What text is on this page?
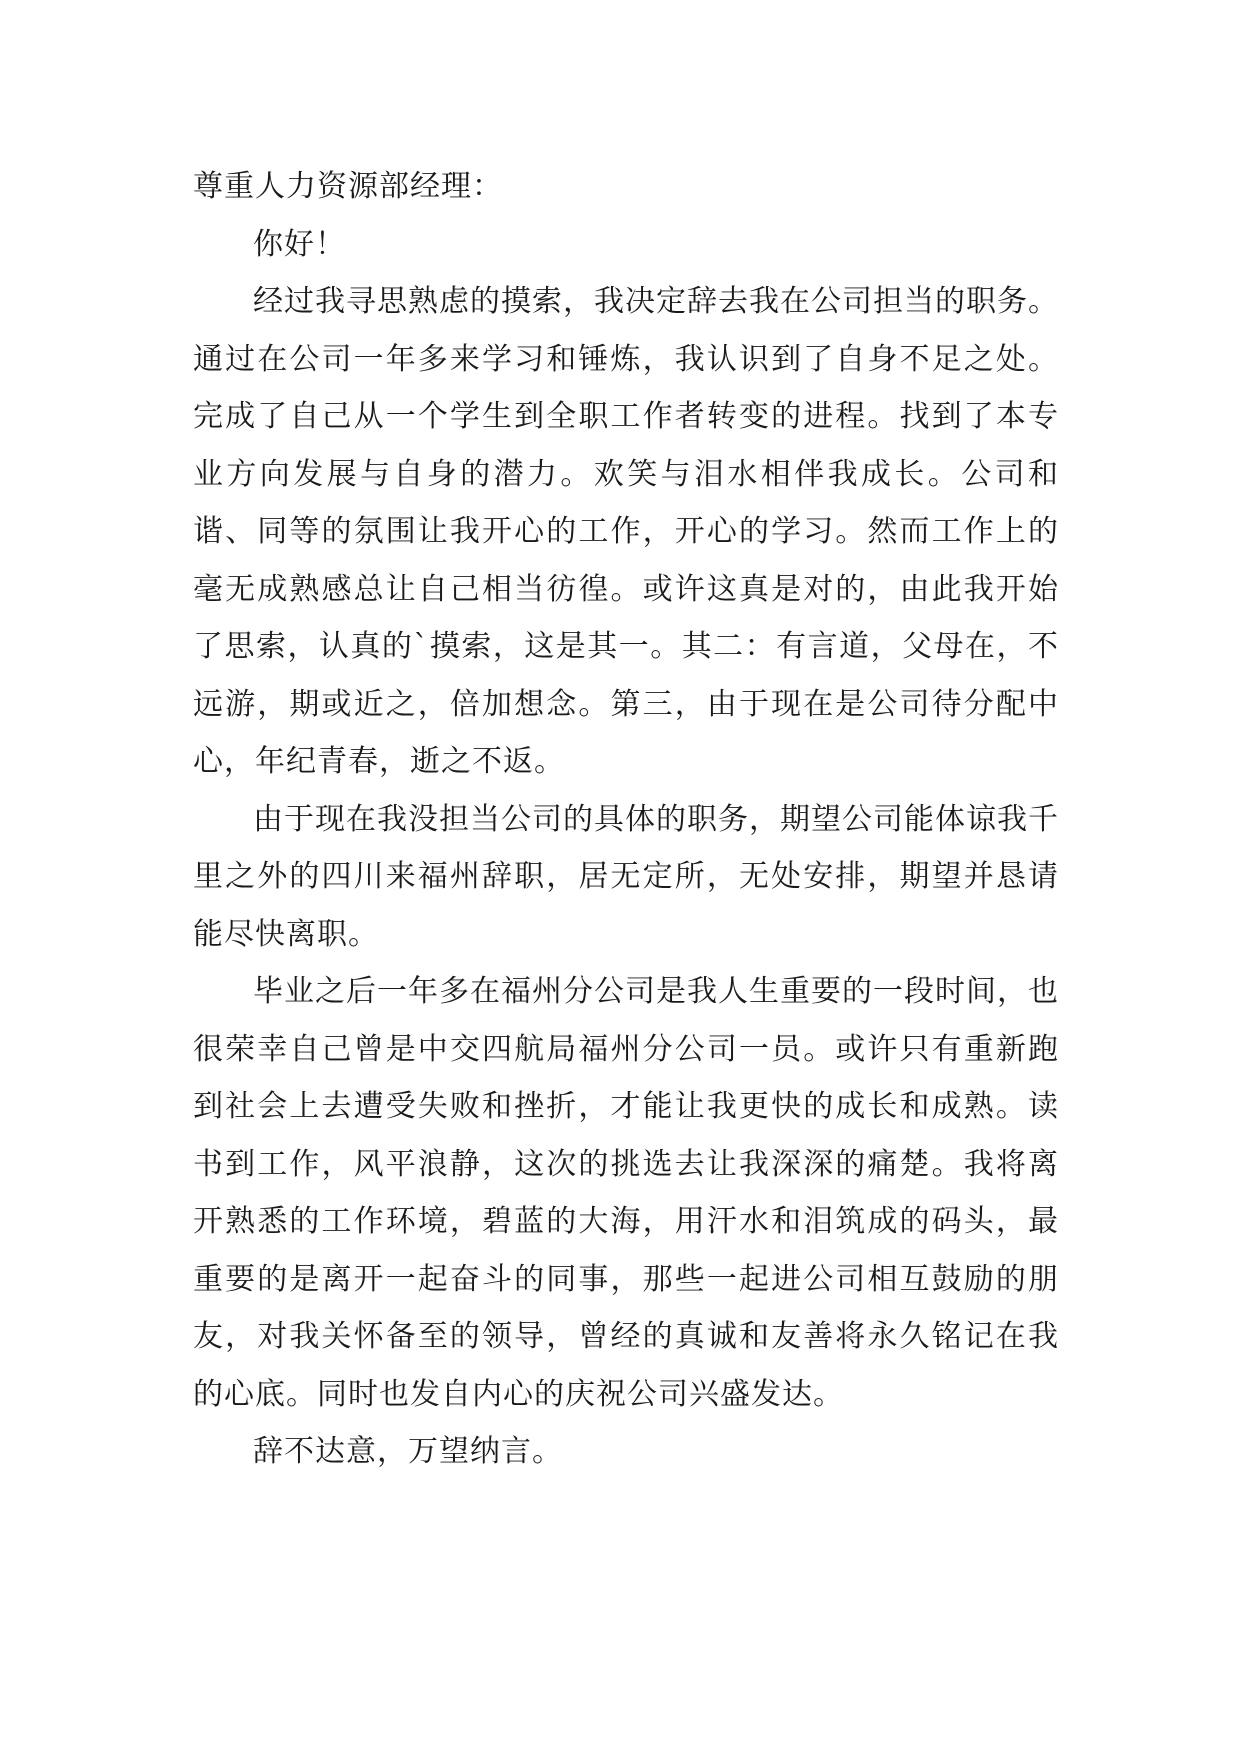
尊重人力资源部经理：

你好！

经过我寻思熟虑的摸索，我决定辞去我在公司担当的职务。通过在公司一年多来学习和锤炼，我认识到了自身不足之处。完成了自己从一个学生到全职工作者转变的进程。找到了本专业方向发展与自身的潜力。欢笑与泪水相伴我成长。公司和谐、同等的氛围让我开心的工作，开心的学习。然而工作上的毫无成熟感总让自己相当彷徨。或许这真是对的，由此我开始了思索，认真的`摸索，这是其一。其二：有言道，父母在，不远游，期或近之，倍加想念。第三，由于现在是公司待分配中心，年纪青春，逝之不返。

由于现在我没担当公司的具体的职务，期望公司能体谅我千里之外的四川来福州辞职，居无定所，无处安排，期望并恳请能尽快离职。

毕业之后一年多在福州分公司是我人生重要的一段时间，也很荣幸自己曾是中交四航局福州分公司一员。或许只有重新跑到社会上去遭受失败和挫折，才能让我更快的成长和成熟。读书到工作，风平浪静，这次的挑选去让我深深的痛楚。我将离开熟悉的工作环境，碧蓝的大海，用汗水和泪筑成的码头，最重要的是离开一起奋斗的同事，那些一起进公司相互鼓励的朋友，对我关怀备至的领导，曾经的真诚和友善将永久铭记在我的心底。同时也发自内心的庆祝公司兴盛发达。

辞不达意，万望纳言。
